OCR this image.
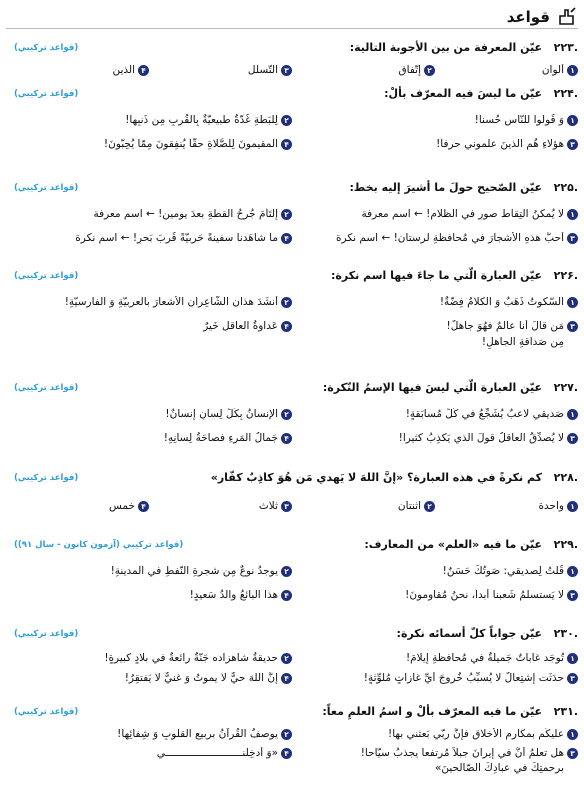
قواعد
۲۲۳.
عيّن المعرفة من بين الأجوبة التالية:
(قواعد تركيبي)
۱
ألوان
۲
إتّفاق
۳
التّسلّل
۴
الّذين
۲۲۴.
عيّن ما ليسَ فيه المعرّف بألْ:
(قواعد تركيبي)
۱
وَ قُولوا للنّاسِ حُسناً!
۲
لِلبَطَّةِ غُدّةٌ طبيعيّةٌ بِالقُربِ مِن ذَنبِها!
۳
هؤلاءِ هُم الّذينَ علَّموني حرفاً!
۴
المقيمونَ لِلصَّلاةِ حقّاً يُنفِقونَ مِمّا يُحِبّونَ!
۲۲۵.
عيّن الصّحيح حولَ ما أشيرَ إليه بخط:
(قواعد تركيبي)
۱
لا يُمكنُ التِقاطُ صورٍ في الظّلامِ! ← اسم معرفة
۲
إلتَأمَ جُرحُ القطّةِ بعدَ يومينِ! ← اسم معرفة
۳
أحبُّ هذهِ الأشجارَ في مُحافظةِ لُرستان! ← اسم نكرة
۴
ما شاهَدنا سفينةً حَربيّةً قُربَ بَحرٍ! ← اسم نكرة
۲۲۶.
عيّن العبارة الّتي ما جاءَ فيها اسم نكرة:
(قواعد تركيبي)
۱
السّكوتُ ذَهَبٌ وَ الكلامُ فِضّةٌ!
۲
أَنشَدَ هذانِ الشّاعِرانِ الأشعارَ بالعربيّةِ وَ الفارسيّةِ!
۳
مَن قالَ أنا عالمٌ فهُوَ جاهلٌ!
۴
عَداوةُ العاقلِ خَيرٌ
مِن صَداقةِ الجاهلِ!
۲۲۷.
عيّن العبارة الّتي ليسَ فيها الإسمُ النّكرة:
(قواعد تركيبي)
۱
صَديقي لاعبٌ يُشَجِّعُ في كُلِّ مُسابَقةٍ!
۲
الإنسانُ بِكُلِّ لِسانٍ إنسانٌ!
۳
لا يُصدِّقُ العاقلُ قولَ الّذي يَكذِبُ كثيراً!
۴
جَمالُ المَرءِ فصاحَةُ لِسانِهِ!
۲۲۸.
كم نكرةً في هذه العبارة؟ «إنَّ اللهَ لا يَهدي مَن هُوَ كاذِبٌ كفّار»
(قواعد تركيبي)
۱
واحدة
۲
اثنتان
۳
ثلاث
۴
خمس
۲۲۹.
عيّن ما فيه «العلم» من المعارف:
(قواعد تركيبي (آزمون كانون - سال ۹۱))
۱
قُلتُ لِصديقي: صَوتُكَ حَسَنٌ!
۲
يوجدُ نوعٌ مِن شجرةِ النّفطِ في المدينةِ!
۳
لا يَستسلمُ شَعبنا أبداً، نحنُ مُقاومونَ!
۴
هذا البائعُ والدُ سَعيدٍ!
۲۳۰.
عيّن جواباً كلّ أسمائه نكرة:
(قواعد تركيبي)
۱
تُوجَد غاباتٌ جَميلةٌ في مُحافظةِ إيلامَ!
۲
حديقةُ شاهزاده جَنّةٌ رائعةٌ في بلادٍ كبيرةٍ!
۳
حدَثَت إشتِعالٌ لا يُسبِّبُ خُروجَ أيِّ غازاتٍ مُلوِّثةٍ!
۴
إنَّ اللهَ حيٌّ لا يموتُ وَ غنيٌّ لا يَفتقِرُ!
۲۳۱.
عيّن ما فيه المعرّف بألْ و اسمُ العلمِ معاً:
(قواعد تركيبي)
۱
عليكُم بمكارمِ الأخلاقِ فإنَّ ربّي بَعثني بها!
۲
يوصفُ القُرآنُ بربيعِ القلوبِ وَ شِفائِها!
۳
هل تعلمُ أنَّ في إيرانَ جبلاً مُرتفعاً يجذبُ سيّاحاً!
۴
«وَ أدخِلْنـــــــــــــــــــــــــي
برحمتِكَ في عبادِكَ الصّالحينَ»
